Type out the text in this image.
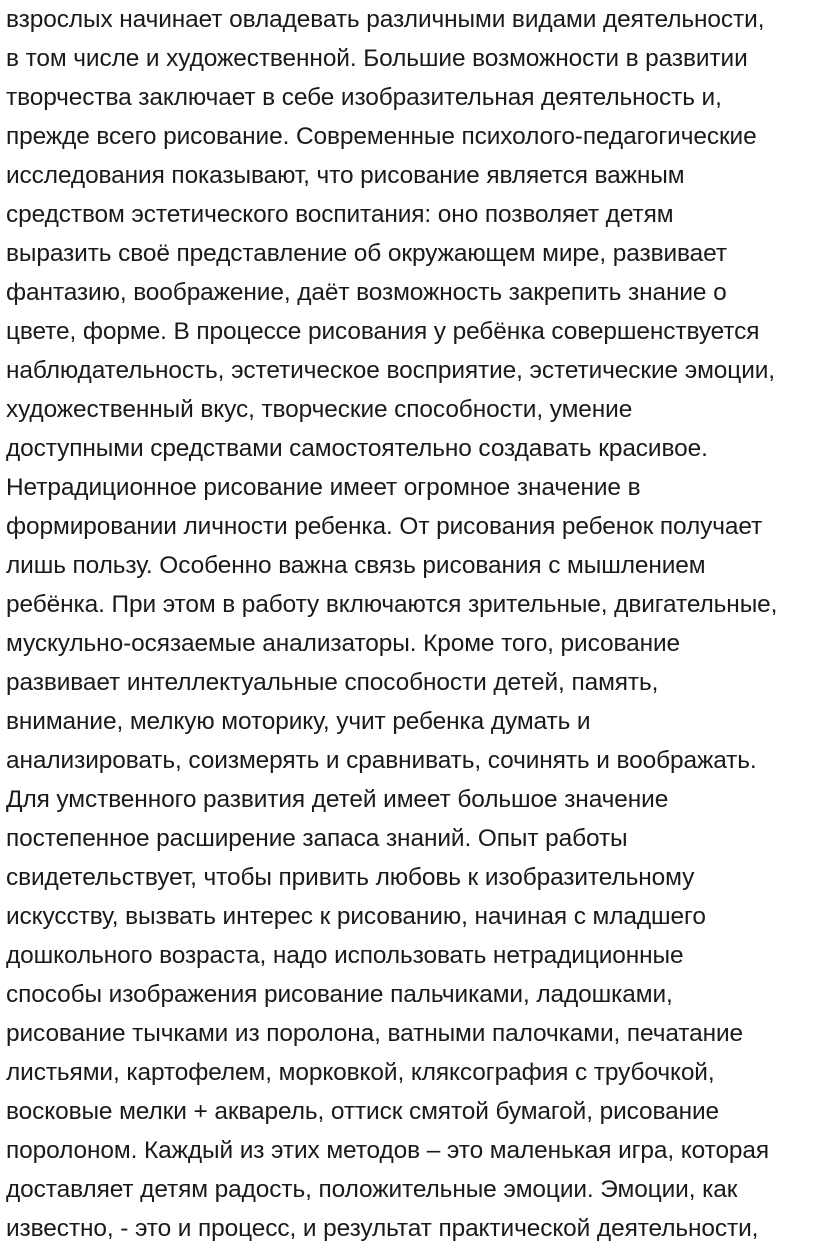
взрослых начинает овладевать различными видами деятельности,
в том числе и художественной. Большие возможности в развитии
творчества заключает в себе изобразительная деятельность и,
прежде всего рисование. Современные психолого-педагогические
исследования показывают, что рисование является важным
средством эстетического воспитания: оно позволяет детям
выразить своё представление об окружающем мире, развивает
фантазию, воображение, даёт возможность закрепить знание о
цвете, форме. В процессе рисования у ребёнка совершенствуется
наблюдательность, эстетическое восприятие, эстетические эмоции,
художественный вкус, творческие способности, умение
доступными средствами самостоятельно создавать красивое.
Нетрадиционное рисование имеет огромное значение в
формировании личности ребенка. От рисования ребенок получает
лишь пользу. Особенно важна связь рисования с мышлением
ребёнка. При этом в работу включаются зрительные, двигательные,
мускульно-осязаемые анализаторы. Кроме того, рисование
развивает интеллектуальные способности детей, память,
внимание, мелкую моторику, учит ребенка думать и
анализировать, соизмерять и сравнивать, сочинять и воображать.
Для умственного развития детей имеет большое значение
постепенное расширение запаса знаний. Опыт работы
свидетельствует, чтобы привить любовь к изобразительному
искусству, вызвать интерес к рисованию, начиная с младшего
дошкольного возраста, надо использовать нетрадиционные
способы изображения рисование пальчиками, ладошками,
рисование тычками из поролона, ватными палочками, печатание
листьями, картофелем, морковкой, кляксография с трубочкой,
восковые мелки + акварель, оттиск смятой бумагой, рисование
поролоном. Каждый из этих методов – это маленькая игра, которая
доставляет детям радость, положительные эмоции. Эмоции, как
известно, - это и процесс, и результат практической деятельности,
